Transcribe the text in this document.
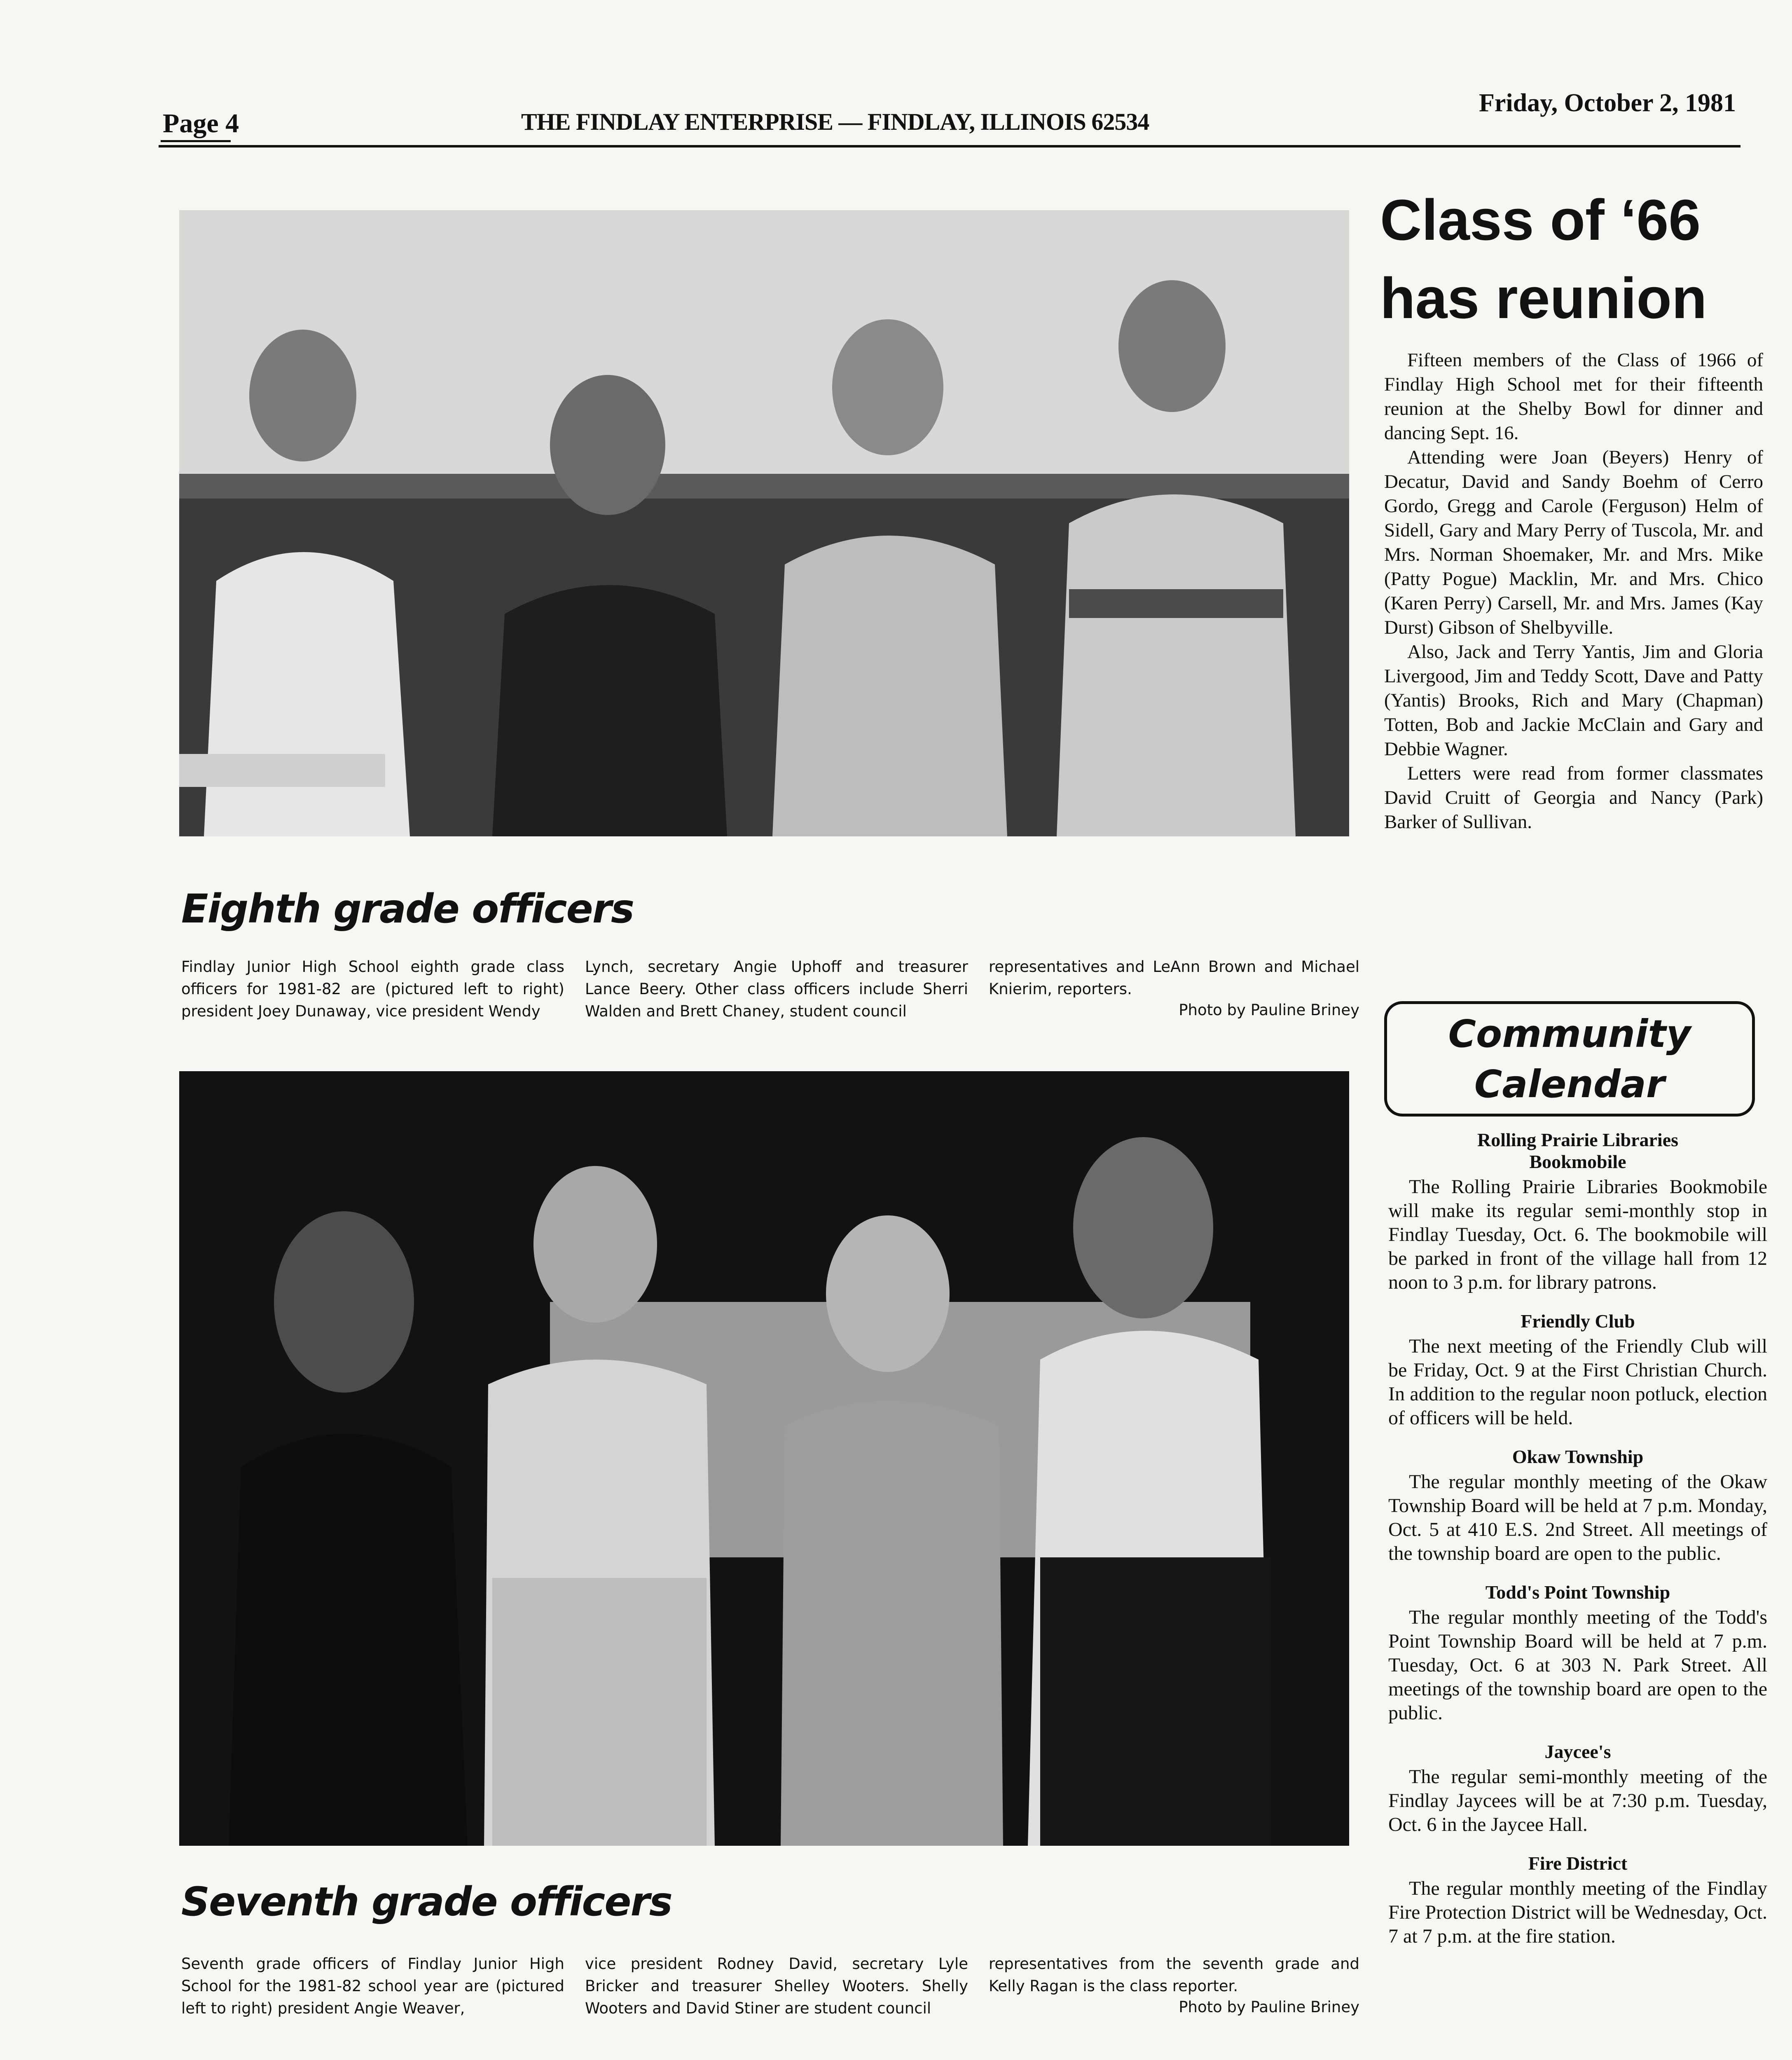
Page 4	THE FINDLAY ENTERPRISE — FINDLAY, ILLINOIS 62534
Friday, October 2, 1981
Eighth grade officers
Findlay Junior High School eighth grade class officers for 1981-82 are (pictured left to right) president Joey Dunaway, vice president Wendy
Lynch, secretary Angie Uphoff and treasurer Lance Beery. Other class officers include Sherri Walden and Brett Chaney, student council
representatives and LeAnn Brown and Michael Knierim, reporters.
Photo by Pauline Briney
Seventh grade officers
Seventh grade officers of Findlay Junior High School for the 1981-82 school year are (pictured left to right) president Angie Weaver,
vice president Rodney David, secretary Lyle Bricker and treasurer Shelley Wooters. Shelly Wooters and David Stiner are student council
representatives from the seventh grade and Kelly Ragan is the class reporter.
Photo by Pauline Briney
Class of ‘66
has reunion

Fifteen members of the Class of 1966 of Findlay High School met for their fifteenth reunion at the Shelby Bowl for dinner and dancing Sept. 16.

Attending were Joan (Beyers) Henry of Decatur, David and Sandy Boehm of Cerro Gordo, Gregg and Carole (Ferguson) Helm of Sidell, Gary and Mary Perry of Tuscola, Mr. and Mrs. Norman Shoemaker, Mr. and Mrs. Mike (Patty Pogue) Macklin, Mr. and Mrs. Chico (Karen Perry) Carsell, Mr. and Mrs. James (Kay Durst) Gibson of Shelbyville.

Also, Jack and Terry Yantis, Jim and Gloria Livergood, Jim and Teddy Scott, Dave and Patty (Yantis) Brooks, Rich and Mary (Chapman) Totten, Bob and Jackie McClain and Gary and Debbie Wagner.

Letters were read from former classmates David Cruitt of Georgia and Nancy (Park) Barker of Sullivan.

Community
Calendar
Rolling Prairie Libraries Bookmobile
The Rolling Prairie Libraries Bookmobile will make its regular semi-monthly stop in Findlay Tuesday, Oct. 6. The bookmobile will be parked in front of the village hall from 12 noon to 3 p.m. for library patrons.
Friendly Club
The next meeting of the Friendly Club will be Friday, Oct. 9 at the First Christian Church. In addition to the regular noon potluck, election of officers will be held.
Okaw Township
The regular monthly meeting of the Okaw Township Board will be held at 7 p.m. Monday, Oct. 5 at 410 E.S. 2nd Street. All meetings of the township board are open to the public.
Todd's Point Township
The regular monthly meeting of the Todd's Point Township Board will be held at 7 p.m. Tuesday, Oct. 6 at 303 N. Park Street. All meetings of the township board are open to the public.
Jaycee's
The regular semi-monthly meeting of the Findlay Jaycees will be at 7:30 p.m. Tuesday, Oct. 6 in the Jaycee Hall.
Fire District
The regular monthly meeting of the Findlay Fire Protection District will be Wednesday, Oct. 7 at 7 p.m. at the fire station.
